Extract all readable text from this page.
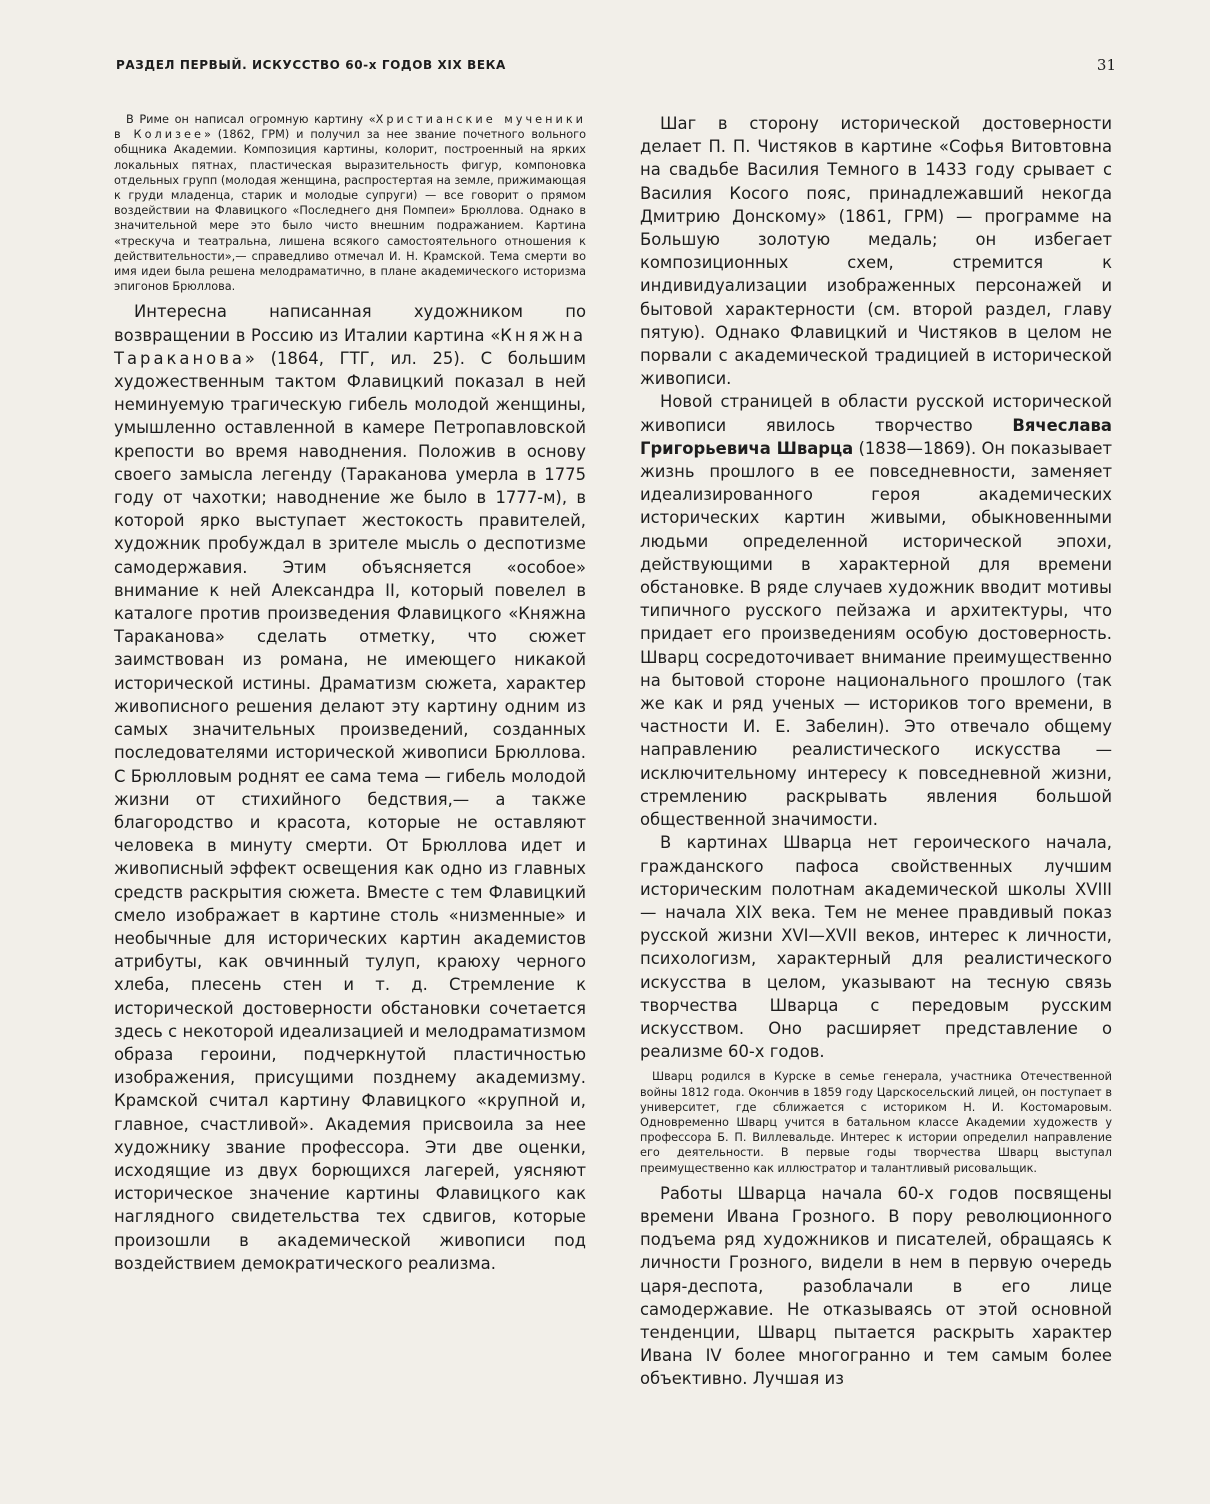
РАЗДЕЛ ПЕРВЫЙ. ИСКУССТВО 60-х ГОДОВ XIX ВЕКА	31

В Риме он написал огромную картину «Христианские мученики в Колизее» (1862, ГРМ) и получил за нее звание почетного вольного общника Академии. Композиция картины, колорит, построенный на ярких локальных пятнах, пластическая выразительность фигур, компоновка отдельных групп (молодая женщина, распростертая на земле, прижимающая к груди младенца, старик и молодые супруги) — все говорит о прямом воздействии на Флавицкого «Последнего дня Помпеи» Брюллова. Однако в значительной мере это было чисто внешним подражанием. Картина «трескуча и театральна, лишена всякого самостоятельного отношения к действительности»,— справедливо отмечал И. Н. Крамской. Тема смерти во имя идеи была решена мелодраматично, в плане академического историзма эпигонов Брюллова.

Интересна написанная художником по возвращении в Россию из Италии картина «Княжна Тараканова» (1864, ГТГ, ил. 25). С большим художественным тактом Флавицкий показал в ней неминуемую трагическую гибель молодой женщины, умышленно оставленной в камере Петропавловской крепости во время наводнения. Положив в основу своего замысла легенду (Тараканова умерла в 1775 году от чахотки; наводнение же было в 1777-м), в которой ярко выступает жестокость правителей, художник пробуждал в зрителе мысль о деспотизме самодержавия. Этим объясняется «особое» внимание к ней Александра II, который повелел в каталоге против произведения Флавицкого «Княжна Тараканова» сделать отметку, что сюжет заимствован из романа, не имеющего никакой исторической истины. Драматизм сюжета, характер живописного решения делают эту картину одним из самых значительных произведений, созданных последователями исторической живописи Брюллова. С Брюлловым роднят ее сама тема — гибель молодой жизни от стихийного бедствия,— а также благородство и красота, которые не оставляют человека в минуту смерти. От Брюллова идет и живописный эффект освещения как одно из главных средств раскрытия сюжета. Вместе с тем Флавицкий смело изображает в картине столь «низменные» и необычные для исторических картин академистов атрибуты, как овчинный тулуп, краюху черного хлеба, плесень стен и т. д. Стремление к исторической достоверности обстановки сочетается здесь с некоторой идеализацией и мелодраматизмом образа героини, подчеркнутой пластичностью изображения, присущими позднему академизму. Крамской считал картину Флавицкого «крупной и, главное, счастливой». Академия присвоила за нее художнику звание профессора. Эти две оценки, исходящие из двух борющихся лагерей, уясняют историческое значение картины Флавицкого как наглядного свидетельства тех сдвигов, которые произошли в академической живописи под воздействием демократического реализма.

Шаг в сторону исторической достоверности делает П. П. Чистяков в картине «Софья Витовтовна на свадьбе Василия Темного в 1433 году срывает с Василия Косого пояс, принадлежавший некогда Дмитрию Донскому» (1861, ГРМ) — программе на Большую золотую медаль; он избегает композиционных схем, стремится к индивидуализации изображенных персонажей и бытовой характерности (см. второй раздел, главу пятую). Однако Флавицкий и Чистяков в целом не порвали с академической традицией в исторической живописи.

Новой страницей в области русской исторической живописи явилось творчество Вячеслава Григорьевича Шварца (1838—1869). Он показывает жизнь прошлого в ее повседневности, заменяет идеализированного героя академических исторических картин живыми, обыкновенными людьми определенной исторической эпохи, действующими в характерной для времени обстановке. В ряде случаев художник вводит мотивы типичного русского пейзажа и архитектуры, что придает его произведениям особую достоверность. Шварц сосредоточивает внимание преимущественно на бытовой стороне национального прошлого (так же как и ряд ученых — историков того времени, в частности И. Е. Забелин). Это отвечало общему направлению реалистического искусства — исключительному интересу к повседневной жизни, стремлению раскрывать явления большой общественной значимости.

В картинах Шварца нет героического начала, гражданского пафоса свойственных лучшим историческим полотнам академической школы XVIII — начала XIX века. Тем не менее правдивый показ русской жизни XVI—XVII веков, интерес к личности, психологизм, характерный для реалистического искусства в целом, указывают на тесную связь творчества Шварца с передовым русским искусством. Оно расширяет представление о реализме 60-х годов.

Шварц родился в Курске в семье генерала, участника Отечественной войны 1812 года. Окончив в 1859 году Царскосельский лицей, он поступает в университет, где сближается с историком Н. И. Костомаровым. Одновременно Шварц учится в батальном классе Академии художеств у профессора Б. П. Виллевальде. Интерес к истории определил направление его деятельности. В первые годы творчества Шварц выступал преимущественно как иллюстратор и талантливый рисовальщик.

Работы Шварца начала 60-х годов посвящены времени Ивана Грозного. В пору революционного подъема ряд художников и писателей, обращаясь к личности Грозного, видели в нем в первую очередь царя-деспота, разоблачали в его лице самодержавие. Не отказываясь от этой основной тенденции, Шварц пытается раскрыть характер Ивана IV более многогранно и тем самым более объективно. Лучшая из
